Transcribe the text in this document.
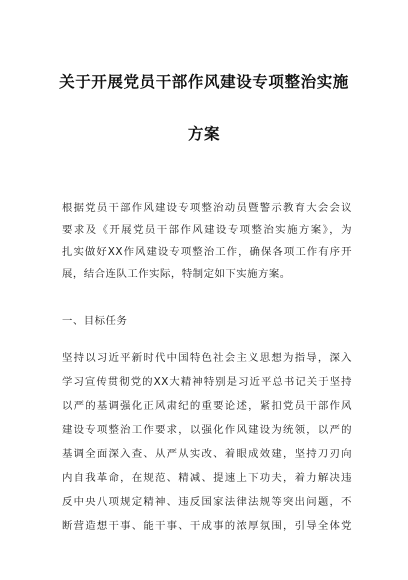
关于开展党员干部作风建设专项整治实施
方案
根据党员干部作风建设专项整治动员暨警示教育大会会议
要求及《开展党员干部作风建设专项整治实施方案》，为
扎实做好XX作风建设专项整治工作，确保各项工作有序开
展，结合连队工作实际，特制定如下实施方案。
一、目标任务
坚持以习近平新时代中国特色社会主义思想为指导，深入
学习宣传贯彻党的XX大精神特别是习近平总书记关于坚持
以严的基调强化正风肃纪的重要论述，紧扣党员干部作风
建设专项整治工作要求，以强化作风建设为统领，以严的
基调全面深入查、从严从实改、着眼成效建，坚持刀刃向
内自我革命，在规范、精减、提速上下功夫，着力解决违
反中央八项规定精神、违反国家法律法规等突出问题，不
断营造想干事、能干事、干成事的浓厚氛围，引导全体党
